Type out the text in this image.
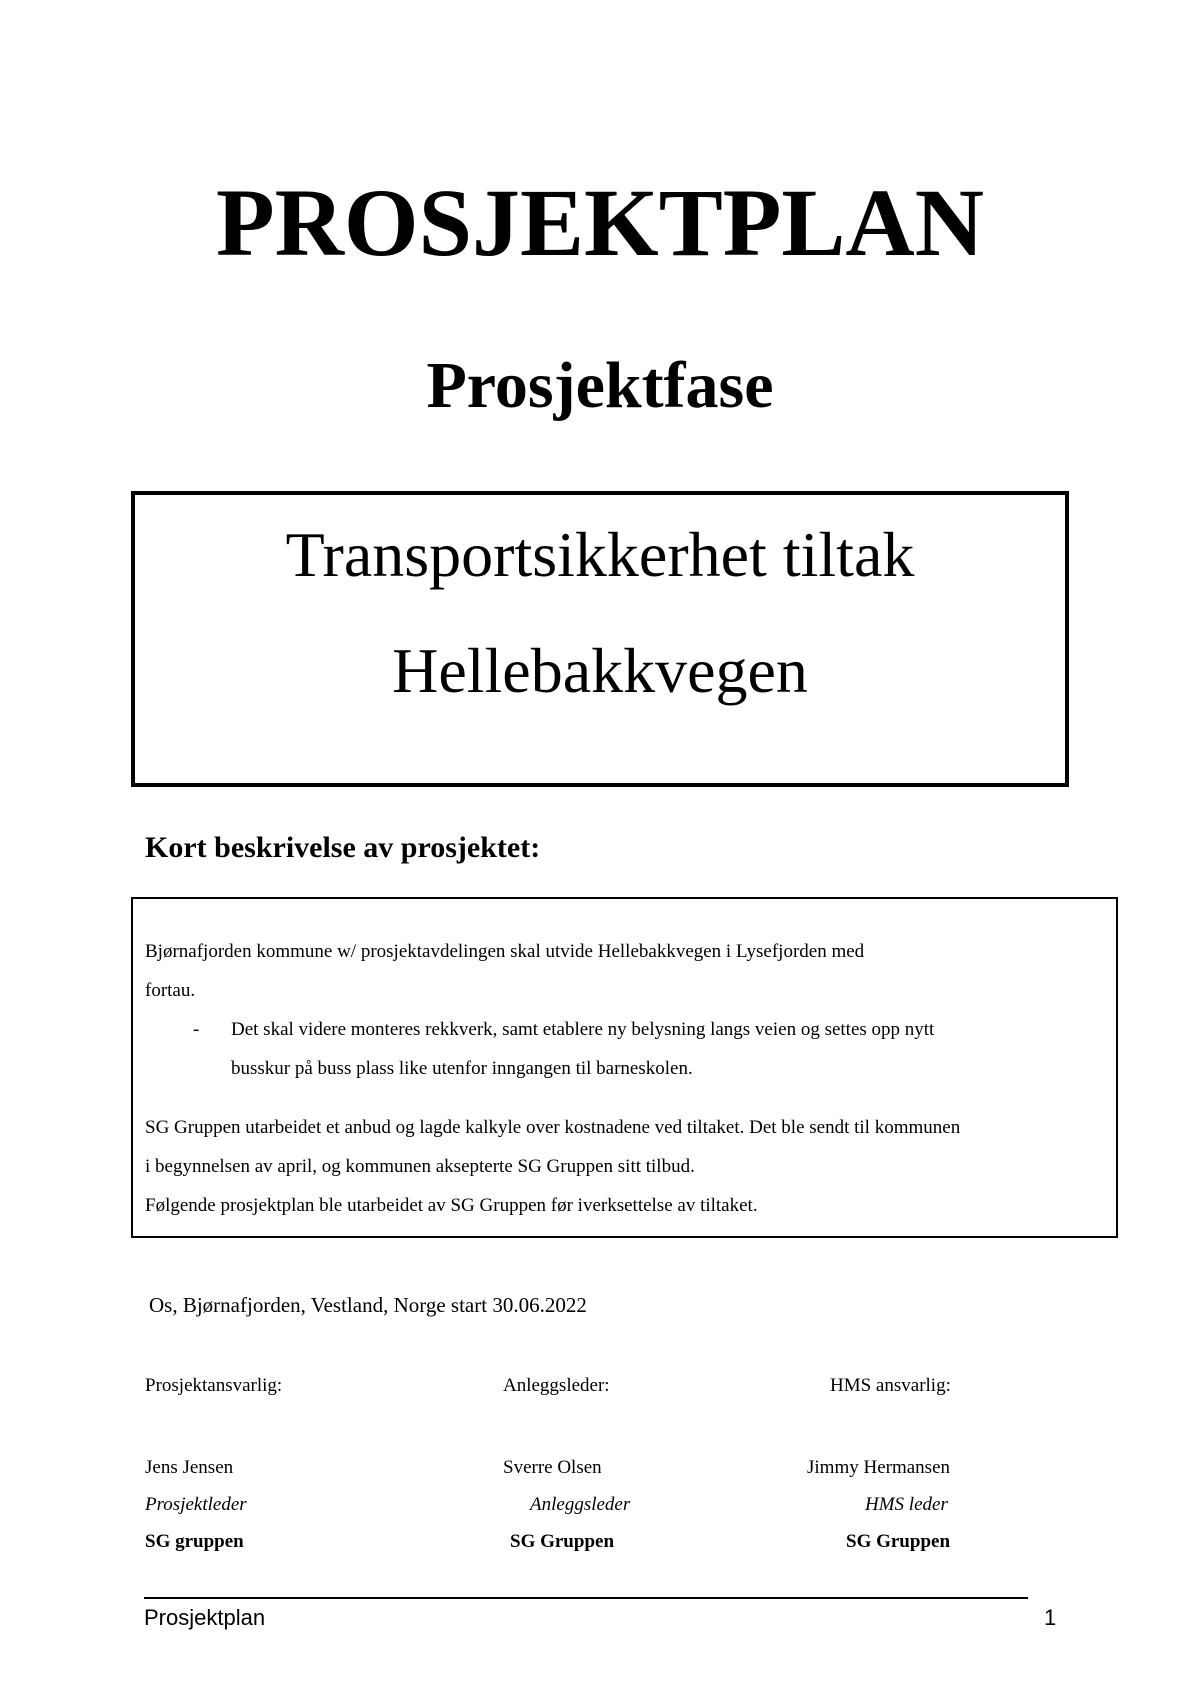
PROSJEKTPLAN
Prosjektfase
Transportsikkerhet tiltak
Hellebakkvegen
Kort beskrivelse av prosjektet:
Bjørnafjorden kommune w/ prosjektavdelingen skal utvide Hellebakkvegen i Lysefjorden med
fortau.
- Det skal videre monteres rekkverk, samt etablere ny belysning langs veien og settes opp nytt
busskur på buss plass like utenfor inngangen til barneskolen.
SG Gruppen utarbeidet et anbud og lagde kalkyle over kostnadene ved tiltaket. Det ble sendt til kommunen
i begynnelsen av april, og kommunen aksepterte SG Gruppen sitt tilbud.
Følgende prosjektplan ble utarbeidet av SG Gruppen før iverksettelse av tiltaket.
Os, Bjørnafjorden, Vestland, Norge start 30.06.2022
Prosjektansvarlig:
Jens Jensen
Prosjektleder
SG gruppen
Anleggsleder:
Sverre Olsen
Anleggsleder
SG Gruppen
HMS ansvarlig:
Jimmy Hermansen
HMS leder
SG Gruppen
Prosjektplan	1
